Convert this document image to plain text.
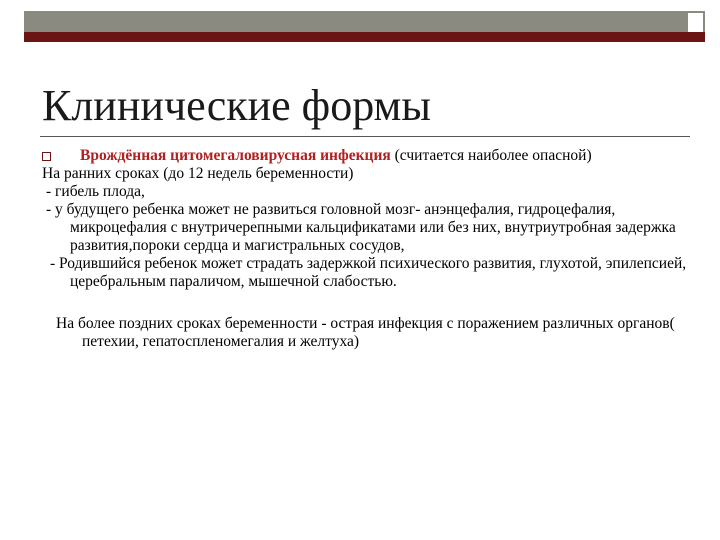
Клинические формы

Врождённая цитомегаловирусная инфекция (считается наиболее опасной)

На ранних сроках (до 12 недель беременности)

- гибель плода,

- у будущего ребенка может не развиться головной мозг- анэнцефалия, гидроцефалия, микроцефалия с внутричерепными кальцификатами или без них, внутриутробная задержка развития,пороки сердца и магистральных сосудов,

- Родившийся ребенок может страдать задержкой психического развития, глухотой, эпилепсией, церебральным параличом, мышечной слабостью.

На более поздних сроках беременности - острая инфекция с поражением различных органов( петехии, гепатоспленомегалия и желтуха)
